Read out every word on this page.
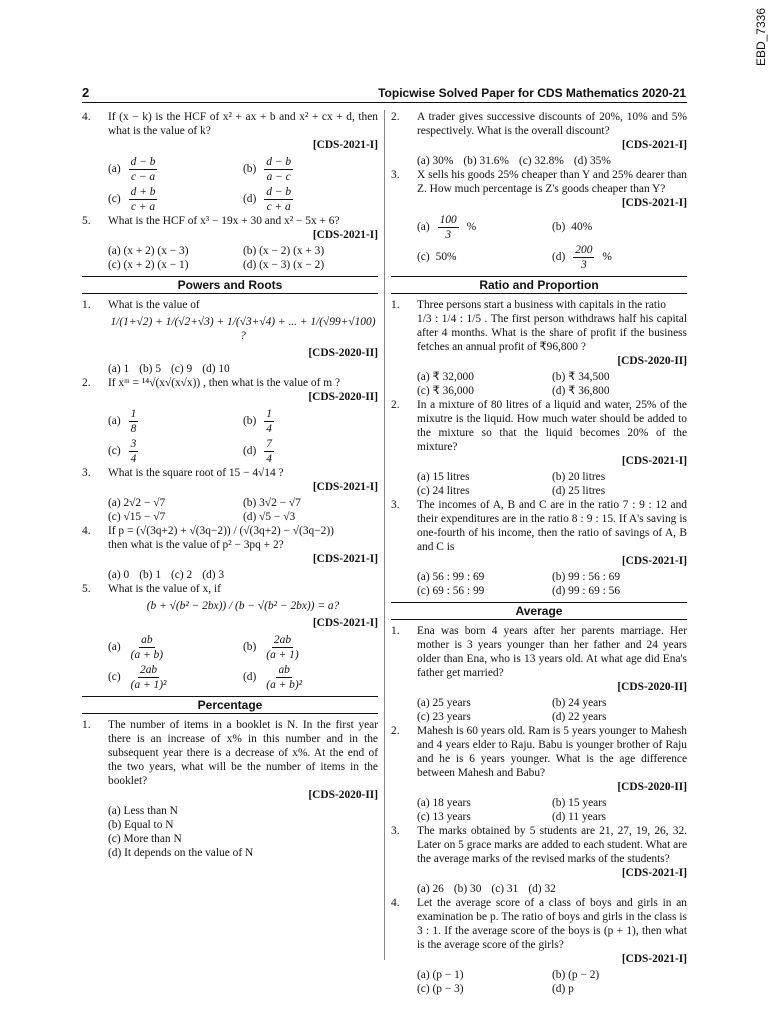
EBD_7336
2	Topicwise Solved Paper for CDS Mathematics 2020-21
4. If (x − k) is the HCF of x² + ax + b and x² + cx + d, then what is the value of k?
[CDS-2021-I]
$(a) \frac{d - b}{c - a}$	$(b) \frac{d - b}{a - c}$
$(c) \frac{d + b}{c + a}$	$(d) \frac{d - b}{c + a}$
5. What is the HCF of x³ − 19x + 30 and x² − 5x + 6?
[CDS-2021-I]
(a) (x + 2) (x − 3)	(b) (x − 2) (x + 3)
(c) (x + 2) (x − 1)	(d) (x − 3) (x − 2)
Powers and Roots
1. What is the value of
1/(1+√2) + 1/(√2+√3) + 1/(√3+√4) + ... + 1/(√99+√100) ?
[CDS-2020-II]
(a) 1 (b) 5 (c) 9 (d) 10
2. If xᵐ = ¹⁴√(x√(x√x)) , then what is the value of m ?
[CDS-2020-II]
$(a) \frac{1}{8}$	$(b) \frac{1}{4}$
$(c) \frac{3}{4}$	$(d) \frac{7}{4}$
3. What is the square root of 15 − 4√14 ?
[CDS-2021-I]
(a) 2√2 − √7	(b) 3√2 − √7
(c) √15 − √7	(d) √5 − √3
4. If p = (√(3q+2) + √(3q−2)) / (√(3q+2) − √(3q−2))
then what is the value of p² − 3pq + 2?
[CDS-2021-I]
(a) 0 (b) 1 (c) 2 (d) 3
5. What is the value of x, if
(b + √(b² − 2bx)) / (b − √(b² − 2bx)) = a?
[CDS-2021-I]
$(a) \frac{ab}{(a + b)}$	$(b) \frac{2ab}{(a + 1)}$
$(c) \frac{2ab}{\text{(a + 1)²}}$	$(d) \frac{ab}{\text{(a + b)²}}$
Percentage
1. The number of items in a booklet is N. In the first year there is an increase of x% in this number and in the subsequent year there is a decrease of x%. At the end of the two years, what will be the number of items in the booklet?
[CDS-2020-II]
(a) Less than N
(b) Equal to N
(c) More than N
(d) It depends on the value of N
2. A trader gives successive discounts of 20%, 10% and 5% respectively. What is the overall discount?
[CDS-2021-I]
(a) 30% (b) 31.6% (c) 32.8% (d) 35%
3. X sells his goods 25% cheaper than Y and 25% dearer than Z. How much percentage is Z's goods cheaper than Y?
[CDS-2021-I]
$(a) \frac{100}{3}$ %	(b) 40%
(c) 50%	$(d) \frac{200}{3}$ %
Ratio and Proportion
1. Three persons start a business with capitals in the ratio
1/3 : 1/4 : 1/5 . The first person withdraws half his capital after 4 months. What is the share of profit if the business fetches an annual profit of ₹96,800 ?
[CDS-2020-II]
(a) ₹ 32,000	(b) ₹ 34,500
(c) ₹ 36,000	(d) ₹ 36,800
2. In a mixture of 80 litres of a liquid and water, 25% of the mixutre is the liquid. How much water should be added to the mixture so that the liquid becomes 20% of the mixture?
[CDS-2021-I]
(a) 15 litres	(b) 20 litres
(c) 24 litres	(d) 25 litres
3. The incomes of A, B and C are in the ratio 7 : 9 : 12 and their expenditures are in the ratio 8 : 9 : 15. If A's saving is one-fourth of his income, then the ratio of savings of A, B and C is
[CDS-2021-I]
(a) 56 : 99 : 69	(b) 99 : 56 : 69
(c) 69 : 56 : 99	(d) 99 : 69 : 56
Average
1. Ena was born 4 years after her parents marriage. Her mother is 3 years younger than her father and 24 years older than Ena, who is 13 years old. At what age did Ena's father get married?
[CDS-2020-II]
(a) 25 years	(b) 24 years
(c) 23 years	(d) 22 years
2. Mahesh is 60 years old. Ram is 5 years younger to Mahesh and 4 years elder to Raju. Babu is younger brother of Raju and he is 6 years younger. What is the age difference between Mahesh and Babu?
[CDS-2020-II]
(a) 18 years	(b) 15 years
(c) 13 years	(d) 11 years
3. The marks obtained by 5 students are 21, 27, 19, 26, 32. Later on 5 grace marks are added to each student. What are the average marks of the revised marks of the students?
[CDS-2021-I]
(a) 26 (b) 30 (c) 31 (d) 32
4. Let the average score of a class of boys and girls in an examination be p. The ratio of boys and girls in the class is 3 : 1. If the average score of the boys is (p + 1), then what is the average score of the girls?
[CDS-2021-I]
(a) (p − 1)	(b) (p − 2)
(c) (p − 3)	(d) p
